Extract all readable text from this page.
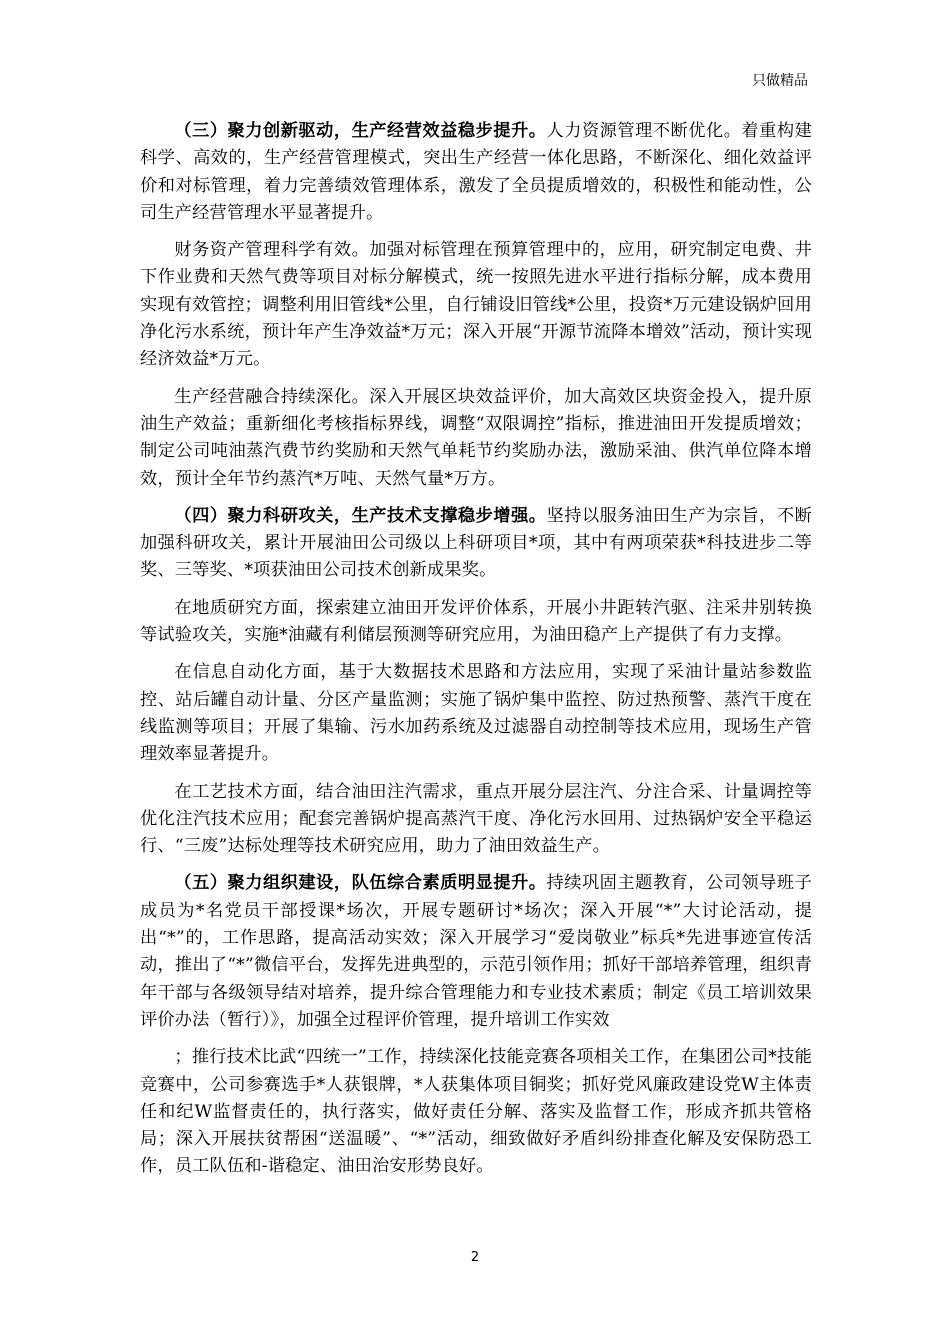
只做精品

（三）聚力创新驱动，生产经营效益稳步提升。人力资源管理不断优化。着重构建科学、高效的，生产经营管理模式，突出生产经营一体化思路，不断深化、细化效益评价和对标管理，着力完善绩效管理体系，激发了全员提质增效的，积极性和能动性，公司生产经营管理水平显著提升。

财务资产管理科学有效。加强对标管理在预算管理中的，应用，研究制定电费、井下作业费和天然气费等项目对标分解模式，统一按照先进水平进行指标分解，成本费用实现有效管控；调整利用旧管线*公里，自行铺设旧管线*公里，投资*万元建设锅炉回用净化污水系统，预计年产生净效益*万元；深入开展“开源节流降本增效”活动，预计实现经济效益*万元。

生产经营融合持续深化。深入开展区块效益评价，加大高效区块资金投入，提升原油生产效益；重新细化考核指标界线，调整“双限调控”指标，推进油田开发提质增效；制定公司吨油蒸汽费节约奖励和天然气单耗节约奖励办法，激励采油、供汽单位降本增效，预计全年节约蒸汽*万吨、天然气量*万方。

（四）聚力科研攻关，生产技术支撑稳步增强。坚持以服务油田生产为宗旨，不断加强科研攻关，累计开展油田公司级以上科研项目*项，其中有两项荣获*科技进步二等奖、三等奖、*项获油田公司技术创新成果奖。

在地质研究方面，探索建立油田开发评价体系，开展小井距转汽驱、注采井别转换等试验攻关，实施*油藏有利储层预测等研究应用，为油田稳产上产提供了有力支撑。

在信息自动化方面，基于大数据技术思路和方法应用，实现了采油计量站参数监控、站后罐自动计量、分区产量监测；实施了锅炉集中监控、防过热预警、蒸汽干度在线监测等项目；开展了集输、污水加药系统及过滤器自动控制等技术应用，现场生产管理效率显著提升。

在工艺技术方面，结合油田注汽需求，重点开展分层注汽、分注合采、计量调控等优化注汽技术应用；配套完善锅炉提高蒸汽干度、净化污水回用、过热锅炉安全平稳运行、“三废”达标处理等技术研究应用，助力了油田效益生产。

（五）聚力组织建设，队伍综合素质明显提升。持续巩固主题教育，公司领导班子成员为*名党员干部授课*场次，开展专题研讨*场次；深入开展“*”大讨论活动，提出“*”的，工作思路，提高活动实效；深入开展学习“爱岗敬业”标兵*先进事迹宣传活动，推出了“*”微信平台，发挥先进典型的，示范引领作用；抓好干部培养管理，组织青年干部与各级领导结对培养，提升综合管理能力和专业技术素质；制定《员工培训效果评价办法（暂行）》，加强全过程评价管理，提升培训工作实效

；推行技术比武“四统一”工作，持续深化技能竞赛各项相关工作，在集团公司*技能竞赛中，公司参赛选手*人获银牌，*人获集体项目铜奖；抓好党风廉政建设党W主体责任和纪W监督责任的，执行落实，做好责任分解、落实及监督工作，形成齐抓共管格局；深入开展扶贫帮困“送温暖”、“*”活动，细致做好矛盾纠纷排查化解及安保防恐工作，员工队伍和-谐稳定、油田治安形势良好。

2
